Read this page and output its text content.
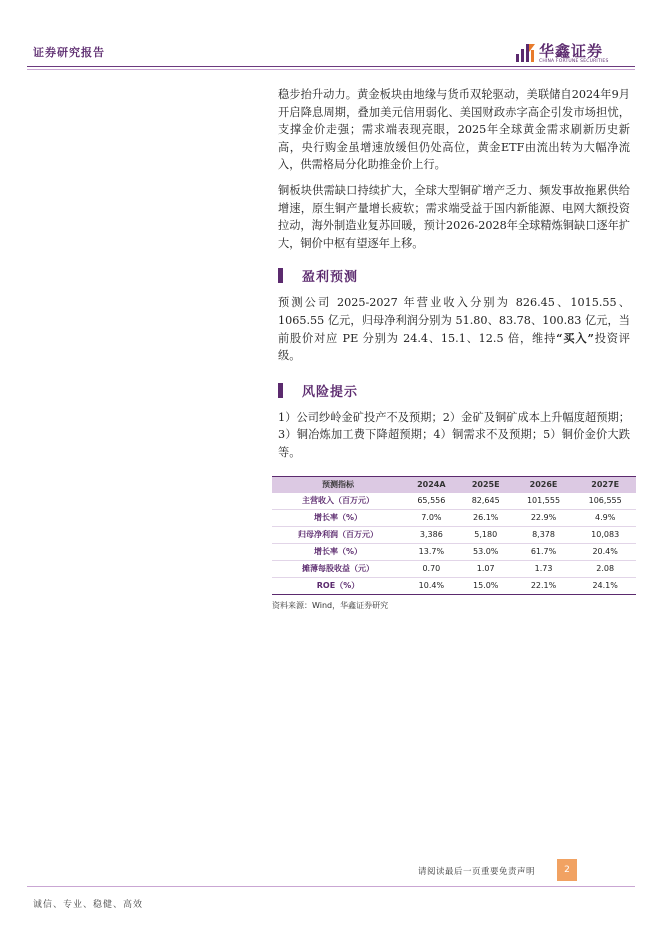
证券研究报告	华鑫证券
CHINA FORTUNE SECURITIES

稳步抬升动力。黄金板块由地缘与货币双轮驱动，美联储自2024年9月开启降息周期，叠加美元信用弱化、美国财政赤字高企引发市场担忧，支撑金价走强；需求端表现亮眼，2025年全球黄金需求刷新历史新高，央行购金虽增速放缓但仍处高位，黄金ETF由流出转为大幅净流入，供需格局分化助推金价上行。

铜板块供需缺口持续扩大，全球大型铜矿增产乏力、频发事故拖累供给增速，原生铜产量增长疲软；需求端受益于国内新能源、电网大额投资拉动，海外制造业复苏回暖，预计2026-2028年全球精炼铜缺口逐年扩大，铜价中枢有望逐年上移。

盈利预测

预测公司 2025-2027 年营业收入分别为 826.45、1015.55、1065.55 亿元，归母净利润分别为 51.80、83.78、100.83 亿元，当前股价对应 PE 分别为 24.4、15.1、12.5 倍，维持“买入”投资评级。

风险提示

1）公司纱岭金矿投产不及预期；2）金矿及铜矿成本上升幅度超预期；3）铜冶炼加工费下降超预期；4）铜需求不及预期；5）铜价金价大跌等。

预测指标	2024A	2025E	2026E	2027E
主营收入（百万元）	65,556	82,645	101,555	106,555
增长率（%）	7.0%	26.1%	22.9%	4.9%
归母净利润（百万元）	3,386	5,180	8,378	10,083
增长率（%）	13.7%	53.0%	61.7%	20.4%
摊薄每股收益（元）	0.70	1.07	1.73	2.08
ROE（%）	10.4%	15.0%	22.1%	24.1%
资料来源：Wind，华鑫证券研究
请阅读最后一页重要免责声明	2
诚信、专业、稳健、高效
